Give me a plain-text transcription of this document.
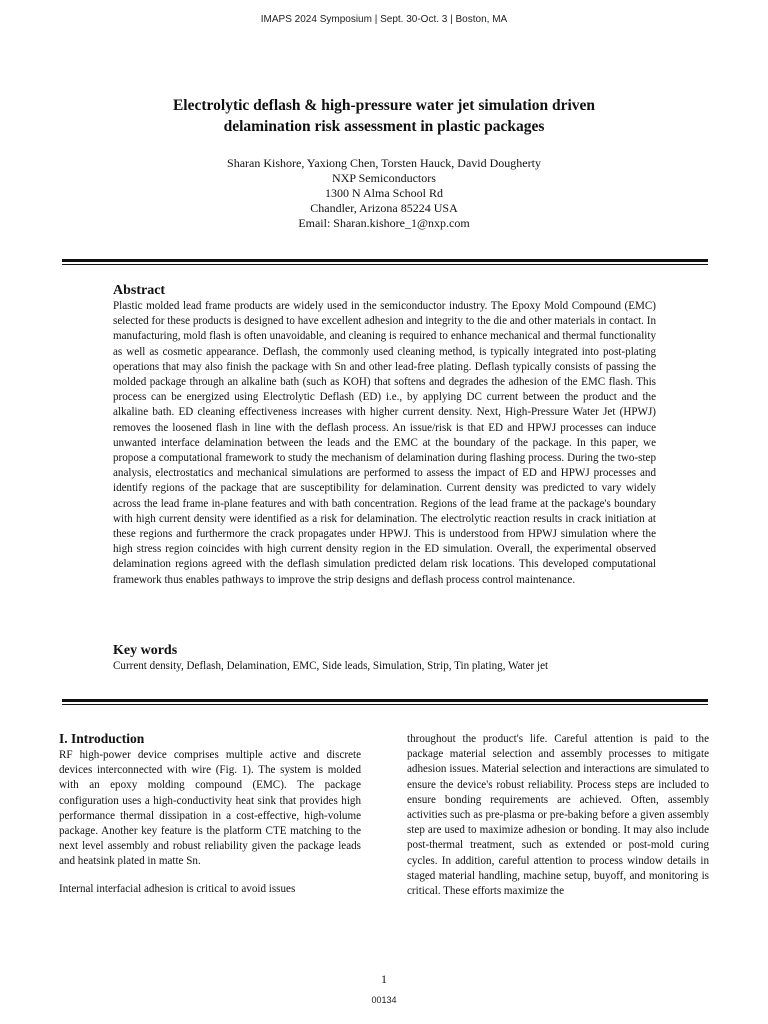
IMAPS 2024 Symposium | Sept. 30-Oct. 3 | Boston, MA
Electrolytic deflash & high-pressure water jet simulation driven
delamination risk assessment in plastic packages
Sharan Kishore, Yaxiong Chen, Torsten Hauck, David Dougherty
NXP Semiconductors
1300 N Alma School Rd
Chandler, Arizona 85224 USA
Email: Sharan.kishore_1@nxp.com
Abstract

Plastic molded lead frame products are widely used in the semiconductor industry. The Epoxy Mold Compound (EMC) selected for these products is designed to have excellent adhesion and integrity to the die and other materials in contact. In manufacturing, mold flash is often unavoidable, and cleaning is required to enhance mechanical and thermal functionality as well as cosmetic appearance. Deflash, the commonly used cleaning method, is typically integrated into post-plating operations that may also finish the package with Sn and other lead-free plating. Deflash typically consists of passing the molded package through an alkaline bath (such as KOH) that softens and degrades the adhesion of the EMC flash. This process can be energized using Electrolytic Deflash (ED) i.e., by applying DC current between the product and the alkaline bath. ED cleaning effectiveness increases with higher current density. Next, High-Pressure Water Jet (HPWJ) removes the loosened flash in line with the deflash process. An issue/risk is that ED and HPWJ processes can induce unwanted interface delamination between the leads and the EMC at the boundary of the package. In this paper, we propose a computational framework to study the mechanism of delamination during flashing process. During the two-step analysis, electrostatics and mechanical simulations are performed to assess the impact of ED and HPWJ processes and identify regions of the package that are susceptibility for delamination. Current density was predicted to vary widely across the lead frame in-plane features and with bath concentration. Regions of the lead frame at the package's boundary with high current density were identified as a risk for delamination. The electrolytic reaction results in crack initiation at these regions and furthermore the crack propagates under HPWJ. This is understood from HPWJ simulation where the high stress region coincides with high current density region in the ED simulation. Overall, the experimental observed delamination regions agreed with the deflash simulation predicted delam risk locations. This developed computational framework thus enables pathways to improve the strip designs and deflash process control maintenance.

Key words

Current density, Deflash, Delamination, EMC, Side leads, Simulation, Strip, Tin plating, Water jet

I. Introduction

RF high-power device comprises multiple active and discrete devices interconnected with wire (Fig. 1). The system is molded with an epoxy molding compound (EMC). The package configuration uses a high-conductivity heat sink that provides high performance thermal dissipation in a cost-effective, high-volume package. Another key feature is the platform CTE matching to the next level assembly and robust reliability given the package leads and heatsink plated in matte Sn.

Internal interfacial adhesion is critical to avoid issues

throughout the product's life. Careful attention is paid to the package material selection and assembly processes to mitigate adhesion issues. Material selection and interactions are simulated to ensure the device's robust reliability. Process steps are included to ensure bonding requirements are achieved. Often, assembly activities such as pre-plasma or pre-baking before a given assembly step are used to maximize adhesion or bonding. It may also include post-thermal treatment, such as extended or post-mold curing cycles. In addition, careful attention to process window details in staged material handling, machine setup, buyoff, and monitoring is critical. These efforts maximize the

1
00134
